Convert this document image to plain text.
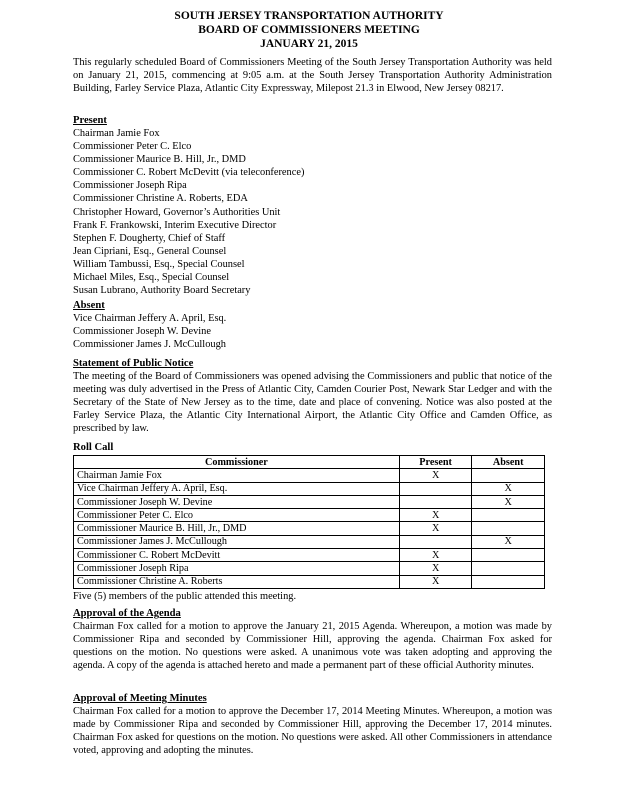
SOUTH JERSEY TRANSPORTATION AUTHORITY
BOARD OF COMMISSIONERS MEETING
JANUARY 21, 2015

This regularly scheduled Board of Commissioners Meeting of the South Jersey Transportation Authority was held on January 21, 2015, commencing at 9:05 a.m. at the South Jersey Transportation Authority Administration Building, Farley Service Plaza, Atlantic City Expressway, Milepost 21.3 in Elwood, New Jersey 08217.

Present
Chairman Jamie Fox
Commissioner Peter C. Elco
Commissioner Maurice B. Hill, Jr., DMD
Commissioner C. Robert McDevitt (via teleconference)
Commissioner Joseph Ripa
Commissioner Christine A. Roberts, EDA
Christopher Howard, Governor’s Authorities Unit
Frank F. Frankowski, Interim Executive Director
Stephen F. Dougherty, Chief of Staff
Jean Cipriani, Esq., General Counsel
William Tambussi, Esq., Special Counsel
Michael Miles, Esq., Special Counsel
Susan Lubrano, Authority Board Secretary
Absent
Vice Chairman Jeffery A. April, Esq.
Commissioner Joseph W. Devine
Commissioner James J. McCullough
Statement of Public Notice

The meeting of the Board of Commissioners was opened advising the Commissioners and public that notice of the meeting was duly advertised in the Press of Atlantic City, Camden Courier Post, Newark Star Ledger and with the Secretary of the State of New Jersey as to the time, date and place of convening. Notice was also posted at the Farley Service Plaza, the Atlantic City International Airport, the Atlantic City Office and Camden Office, as prescribed by law.

Roll Call
Commissioner	Present	Absent
Chairman Jamie Fox	X	
Vice Chairman Jeffery A. April, Esq.		X
Commissioner Joseph W. Devine		X
Commissioner Peter C. Elco	X	
Commissioner Maurice B. Hill, Jr., DMD	X	
Commissioner James J. McCullough		X
Commissioner C. Robert McDevitt	X	
Commissioner Joseph Ripa	X	
Commissioner Christine A. Roberts	X	
Five (5) members of the public attended this meeting.
Approval of the Agenda

Chairman Fox called for a motion to approve the January 21, 2015 Agenda. Whereupon, a motion was made by Commissioner Ripa and seconded by Commissioner Hill, approving the agenda. Chairman Fox asked for questions on the motion. No questions were asked. A unanimous vote was taken adopting and approving the agenda. A copy of the agenda is attached hereto and made a permanent part of these official Authority minutes.

Approval of Meeting Minutes

Chairman Fox called for a motion to approve the December 17, 2014 Meeting Minutes. Whereupon, a motion was made by Commissioner Ripa and seconded by Commissioner Hill, approving the December 17, 2014 minutes. Chairman Fox asked for questions on the motion. No questions were asked. All other Commissioners in attendance voted, approving and adopting the minutes.
